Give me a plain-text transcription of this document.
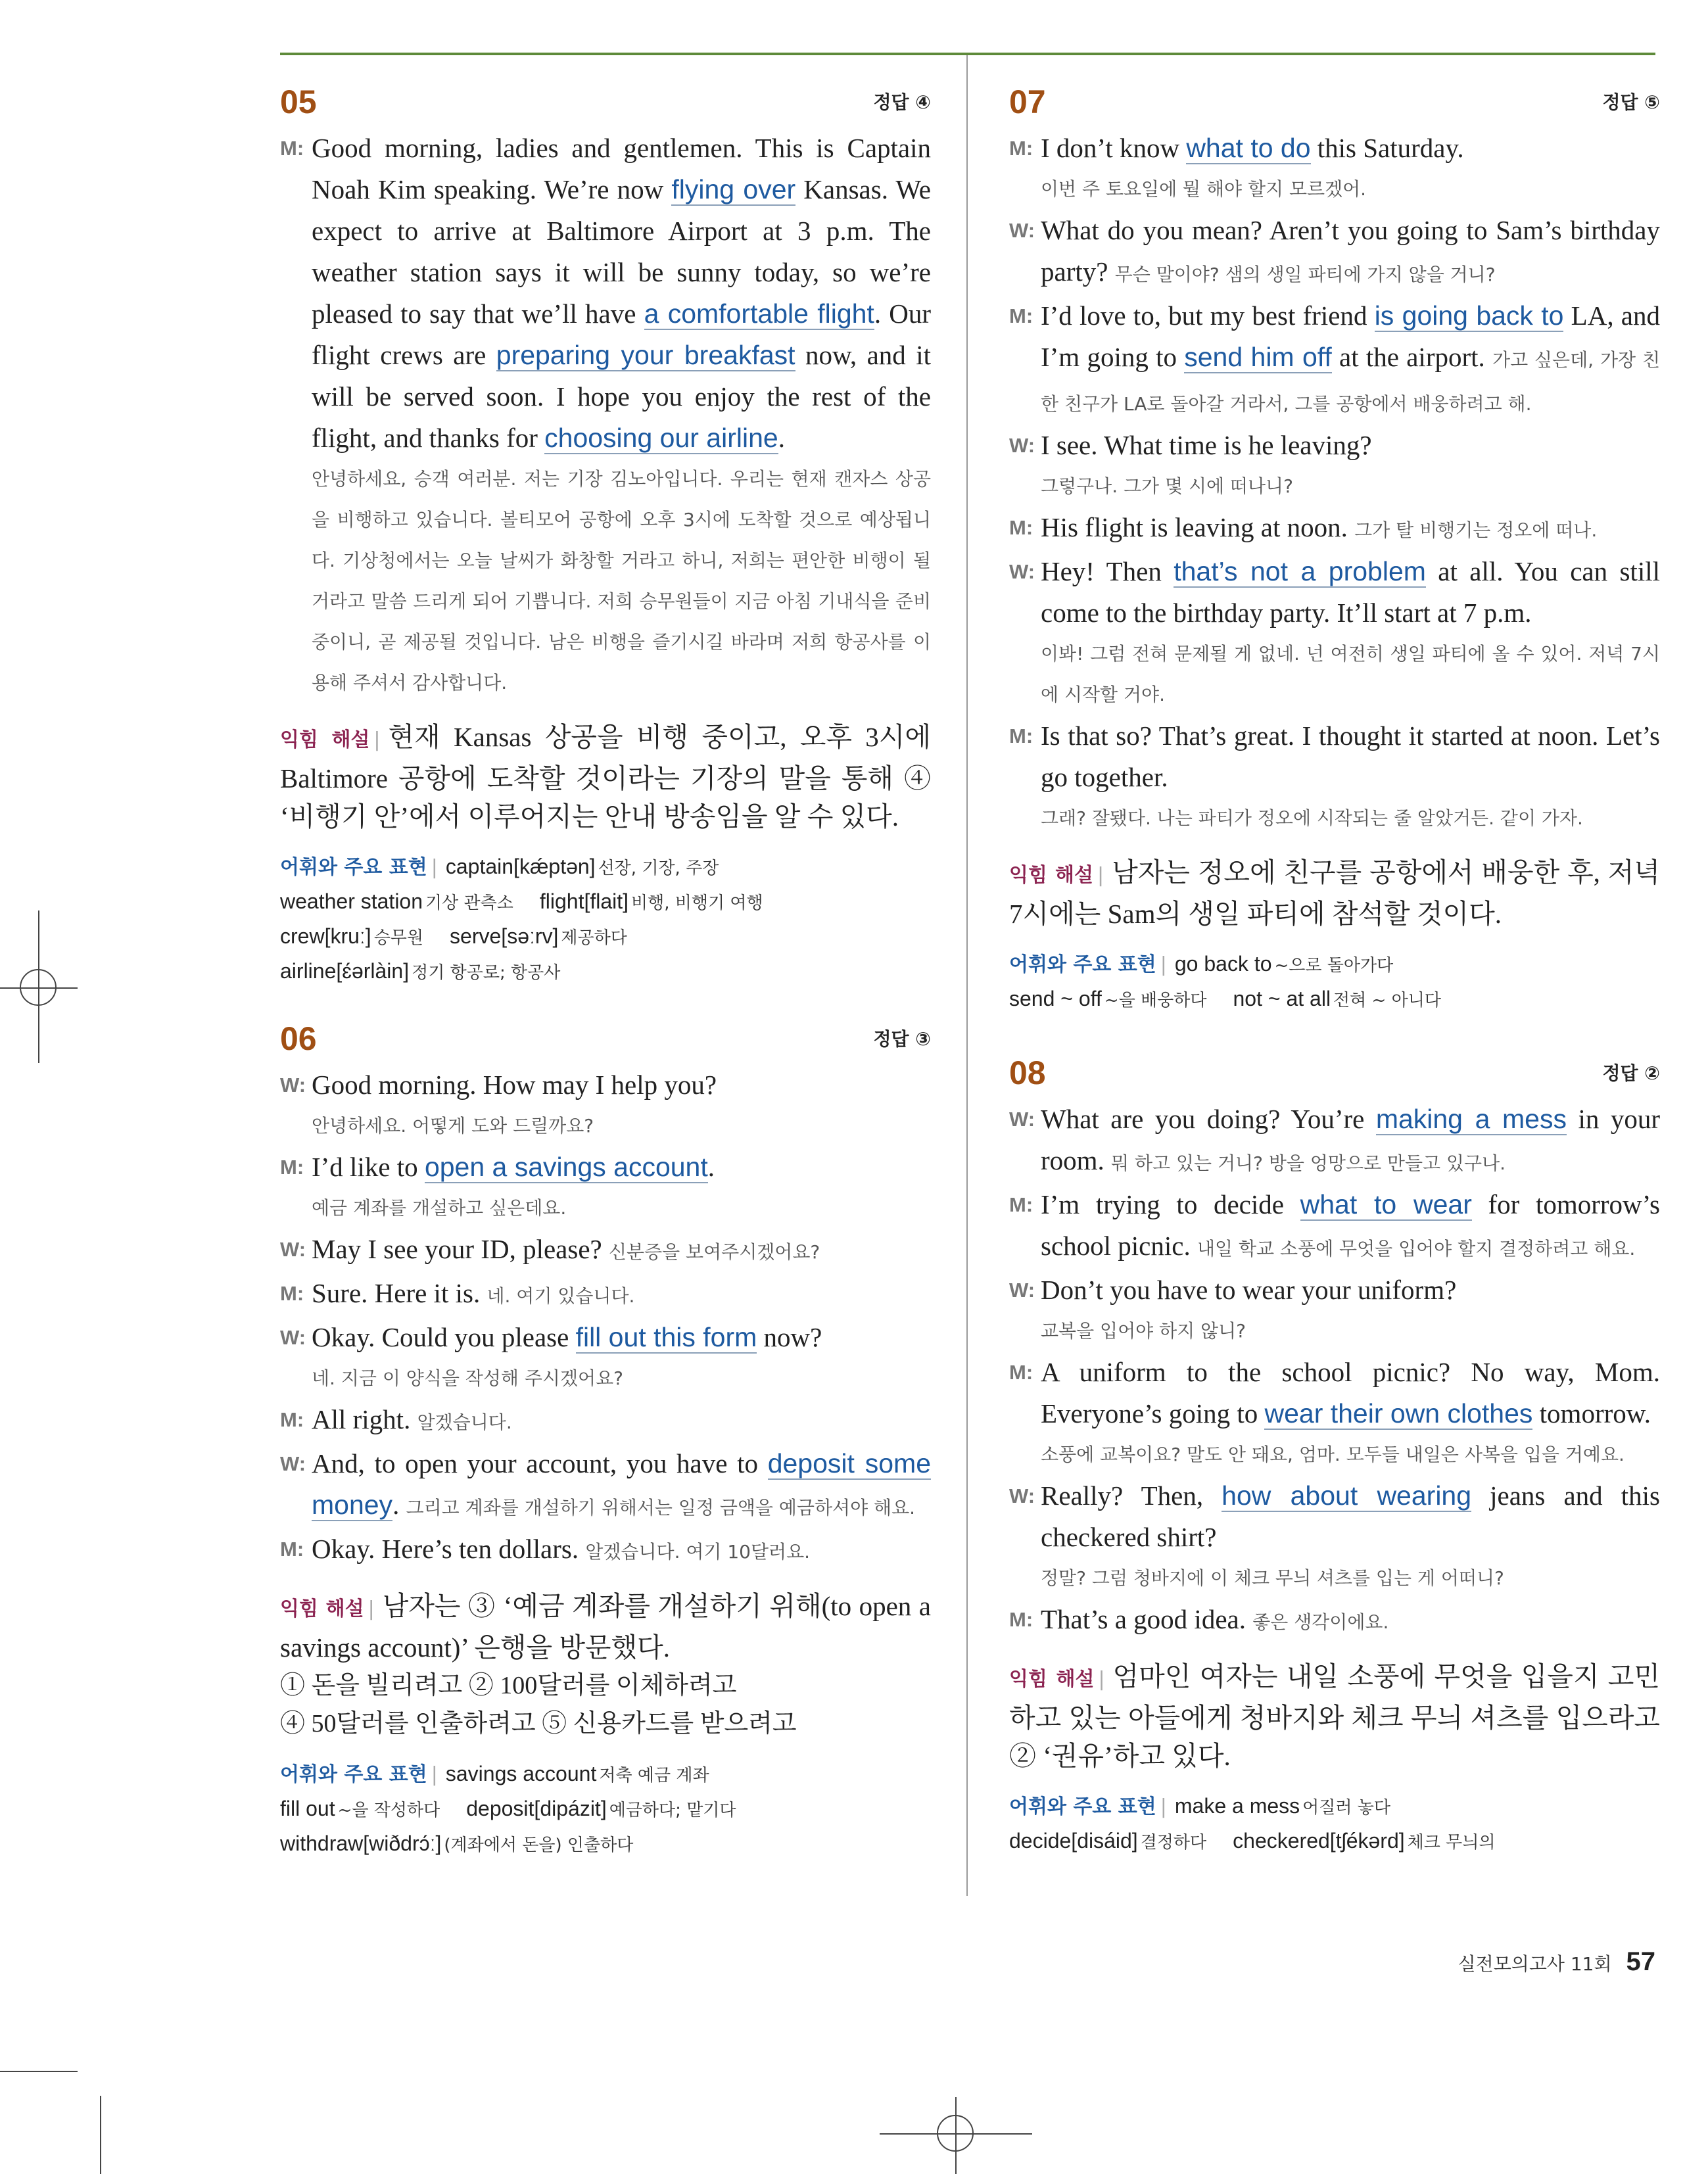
05	정답 ④
M: Good morning, ladies and gentlemen. This is Captain Noah Kim speaking. We’re now flying over Kansas. We expect to arrive at Baltimore Airport at 3 p.m. The weather station says it will be sunny today, so we’re pleased to say that we’ll have a comfortable flight. Our flight crews are preparing your breakfast now, and it will be served soon. I hope you enjoy the rest of the flight, and thanks for choosing our airline.
안녕하세요, 승객 여러분. 저는 기장 김노아입니다. 우리는 현재 캔자스 상공을 비행하고 있습니다. 볼티모어 공항에 오후 3시에 도착할 것으로 예상됩니다. 기상청에서는 오늘 날씨가 화창할 거라고 하니, 저희는 편안한 비행이 될 거라고 말씀 드리게 되어 기쁩니다. 저희 승무원들이 지금 아침 기내식을 준비 중이니, 곧 제공될 것입니다. 남은 비행을 즐기시길 바라며 저희 항공사를 이용해 주셔서 감사합니다.
익힘 해설 | 현재 Kansas 상공을 비행 중이고, 오후 3시에 Baltimore 공항에 도착할 것이라는 기장의 말을 통해 ④ ‘비행기 안’에서 이루어지는 안내 방송임을 알 수 있다.
어휘와 주요 표현 | captain[kǽptən] 선장, 기장, 주장
weather station 기상 관측소 flight[flait] 비행, 비행기 여행
crew[kruː] 승무원 serve[səːrv] 제공하다
airline[ɛ́ərlàin] 정기 항공로; 항공사
06	정답 ③
W: Good morning. How may I help you?
안녕하세요. 어떻게 도와 드릴까요?
M: I’d like to open a savings account.
예금 계좌를 개설하고 싶은데요.
W: May I see your ID, please? 신분증을 보여주시겠어요?
M: Sure. Here it is. 네. 여기 있습니다.
W: Okay. Could you please fill out this form now?
네. 지금 이 양식을 작성해 주시겠어요?
M: All right. 알겠습니다.
W: And, to open your account, you have to deposit some money. 그리고 계좌를 개설하기 위해서는 일정 금액을 예금하셔야 해요.
M: Okay. Here’s ten dollars. 알겠습니다. 여기 10달러요.
익힘 해설 | 남자는 ③ ‘예금 계좌를 개설하기 위해(to open a savings account)’ 은행을 방문했다.
① 돈을 빌리려고 ② 100달러를 이체하려고
④ 50달러를 인출하려고 ⑤ 신용카드를 받으려고
어휘와 주요 표현 | savings account 저축 예금 계좌
fill out ~을 작성하다 deposit[dipázit] 예금하다; 맡기다
withdraw[wiðdrɔ́ː] (계좌에서 돈을) 인출하다
07	정답 ⑤
M: I don’t know what to do this Saturday.
이번 주 토요일에 뭘 해야 할지 모르겠어.
W: What do you mean? Aren’t you going to Sam’s birthday party? 무슨 말이야? 샘의 생일 파티에 가지 않을 거니?
M: I’d love to, but my best friend is going back to LA, and I’m going to send him off at the airport. 가고 싶은데, 가장 친한 친구가 LA로 돌아갈 거라서, 그를 공항에서 배웅하려고 해.
W: I see. What time is he leaving?
그렇구나. 그가 몇 시에 떠나니?
M: His flight is leaving at noon. 그가 탈 비행기는 정오에 떠나.
W: Hey! Then that’s not a problem at all. You can still come to the birthday party. It’ll start at 7 p.m.
이봐! 그럼 전혀 문제될 게 없네. 넌 여전히 생일 파티에 올 수 있어. 저녁 7시에 시작할 거야.
M: Is that so? That’s great. I thought it started at noon. Let’s go together.
그래? 잘됐다. 나는 파티가 정오에 시작되는 줄 알았거든. 같이 가자.
익힘 해설 | 남자는 정오에 친구를 공항에서 배웅한 후, 저녁 7시에는 Sam의 생일 파티에 참석할 것이다.
어휘와 주요 표현 | go back to ~으로 돌아가다
send ~ off ~을 배웅하다 not ~ at all 전혀 ~ 아니다
08	정답 ②
W: What are you doing? You’re making a mess in your room. 뭐 하고 있는 거니? 방을 엉망으로 만들고 있구나.
M: I’m trying to decide what to wear for tomorrow’s school picnic. 내일 학교 소풍에 무엇을 입어야 할지 결정하려고 해요.
W: Don’t you have to wear your uniform?
교복을 입어야 하지 않니?
M: A uniform to the school picnic? No way, Mom. Everyone’s going to wear their own clothes tomorrow.
소풍에 교복이요? 말도 안 돼요, 엄마. 모두들 내일은 사복을 입을 거예요.
W: Really? Then, how about wearing jeans and this checkered shirt?
정말? 그럼 청바지에 이 체크 무늬 셔츠를 입는 게 어떠니?
M: That’s a good idea. 좋은 생각이에요.
익힘 해설 | 엄마인 여자는 내일 소풍에 무엇을 입을지 고민하고 있는 아들에게 청바지와 체크 무늬 셔츠를 입으라고 ② ‘권유’하고 있다.
어휘와 주요 표현 | make a mess 어질러 놓다
decide[disáid] 결정하다 checkered[tʃékərd] 체크 무늬의
실전모의고사 11회 57
